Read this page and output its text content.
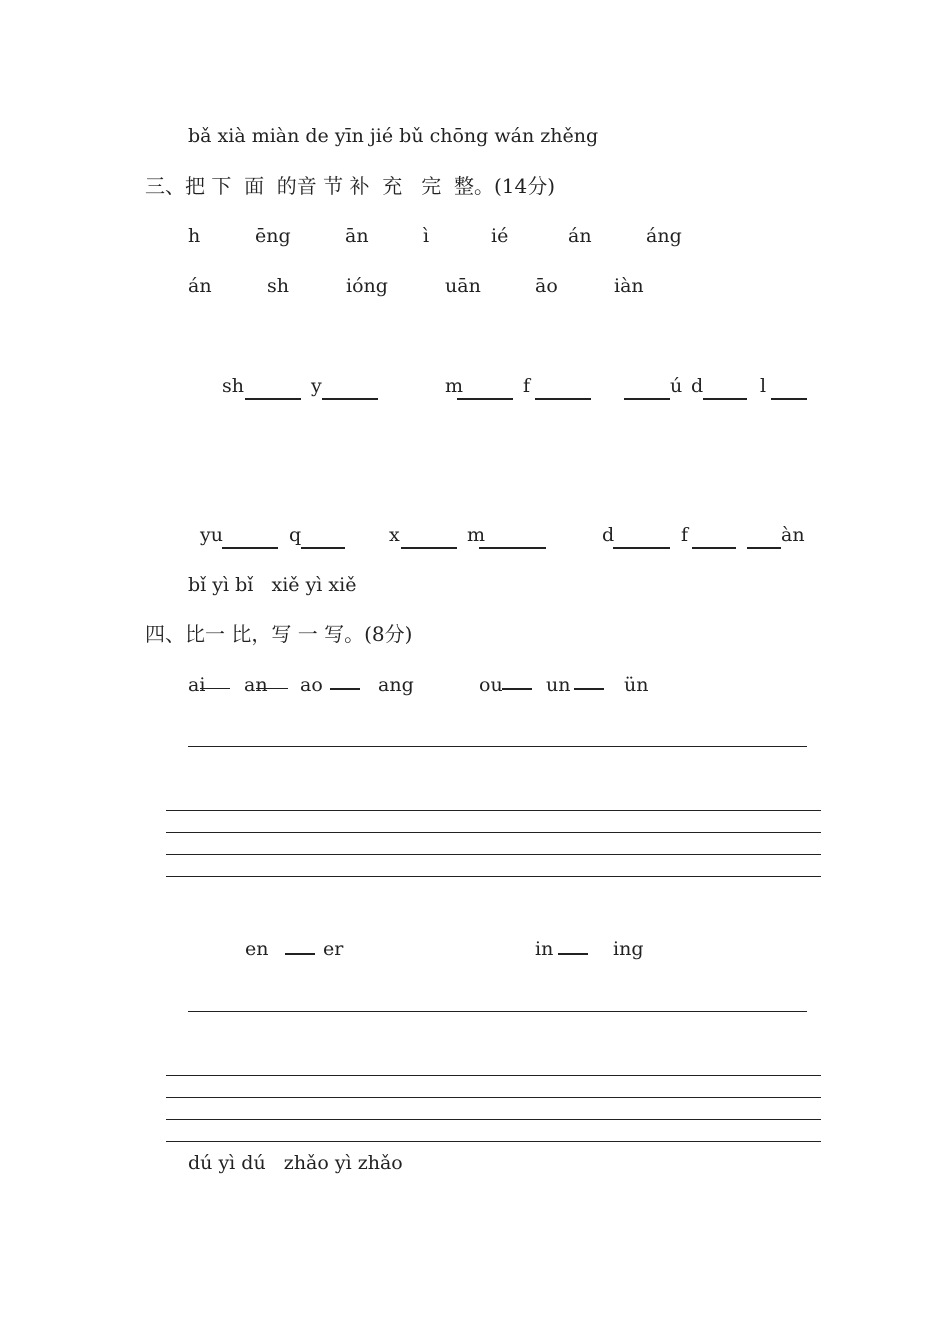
bǎ xià miàn de yīn jié bǔ chōng wán zhěng
三、把 下  面  的音 节 补  充   完  整。(14分)
h	ēng	ān	ì	ié	án	áng
án	sh	ióng	uān	āo	iàn
sh	y	m	f	ú d	l
yu	q	x	m	d	f	àn
bǐ yì bǐ   xiě yì xiě
四、比一 比，写 一 写。(8分)
ai an ao	ang	ou un	ün
en	er	in	ing
dú yì dú   zhǎo yì zhǎo
